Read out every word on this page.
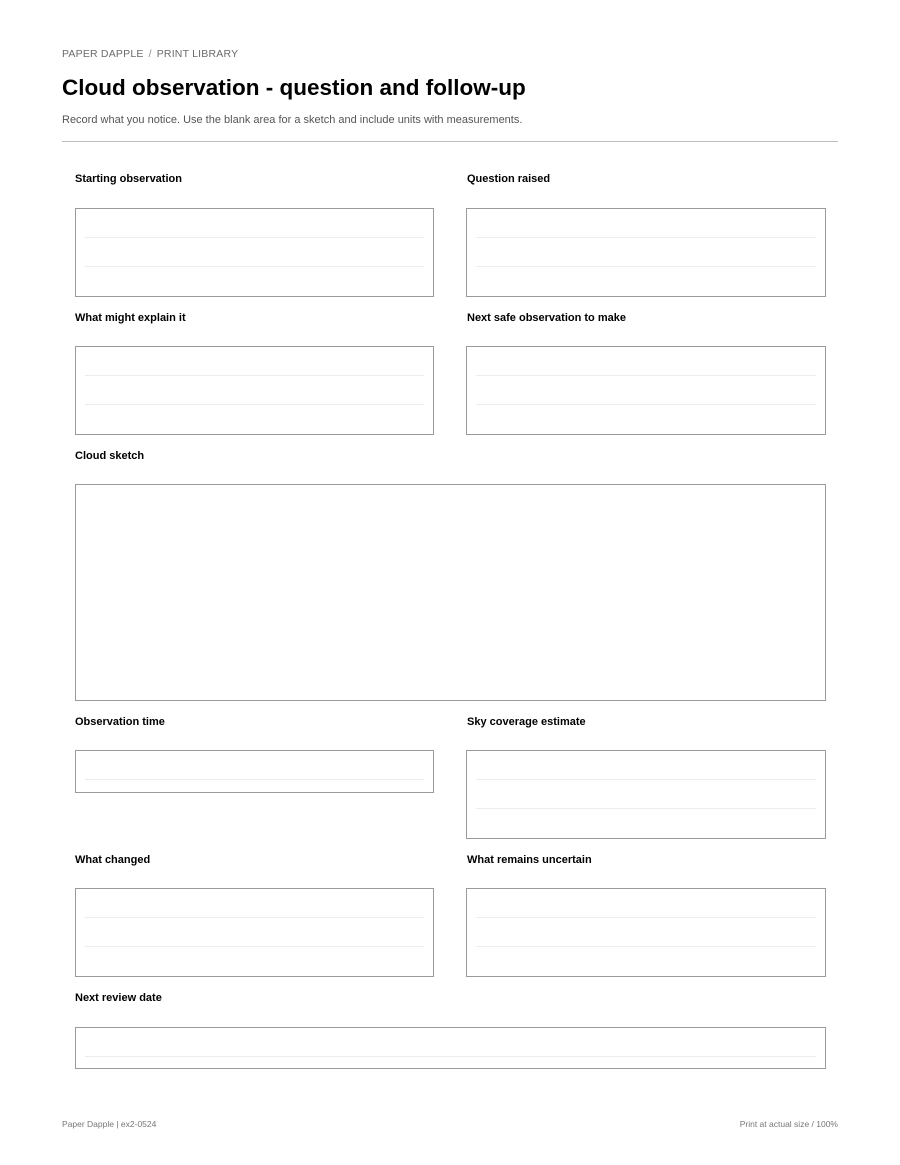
PAPER DAPPLE / PRINT LIBRARY
Cloud observation - question and follow-up

Record what you notice. Use the blank area for a sketch and include units with measurements.

Starting observation	Question raised
What might explain it	Next safe observation to make
Cloud sketch
Observation time	Sky coverage estimate
What changed	What remains uncertain
Next review date
Paper Dapple | ex2-0524	Print at actual size / 100%
